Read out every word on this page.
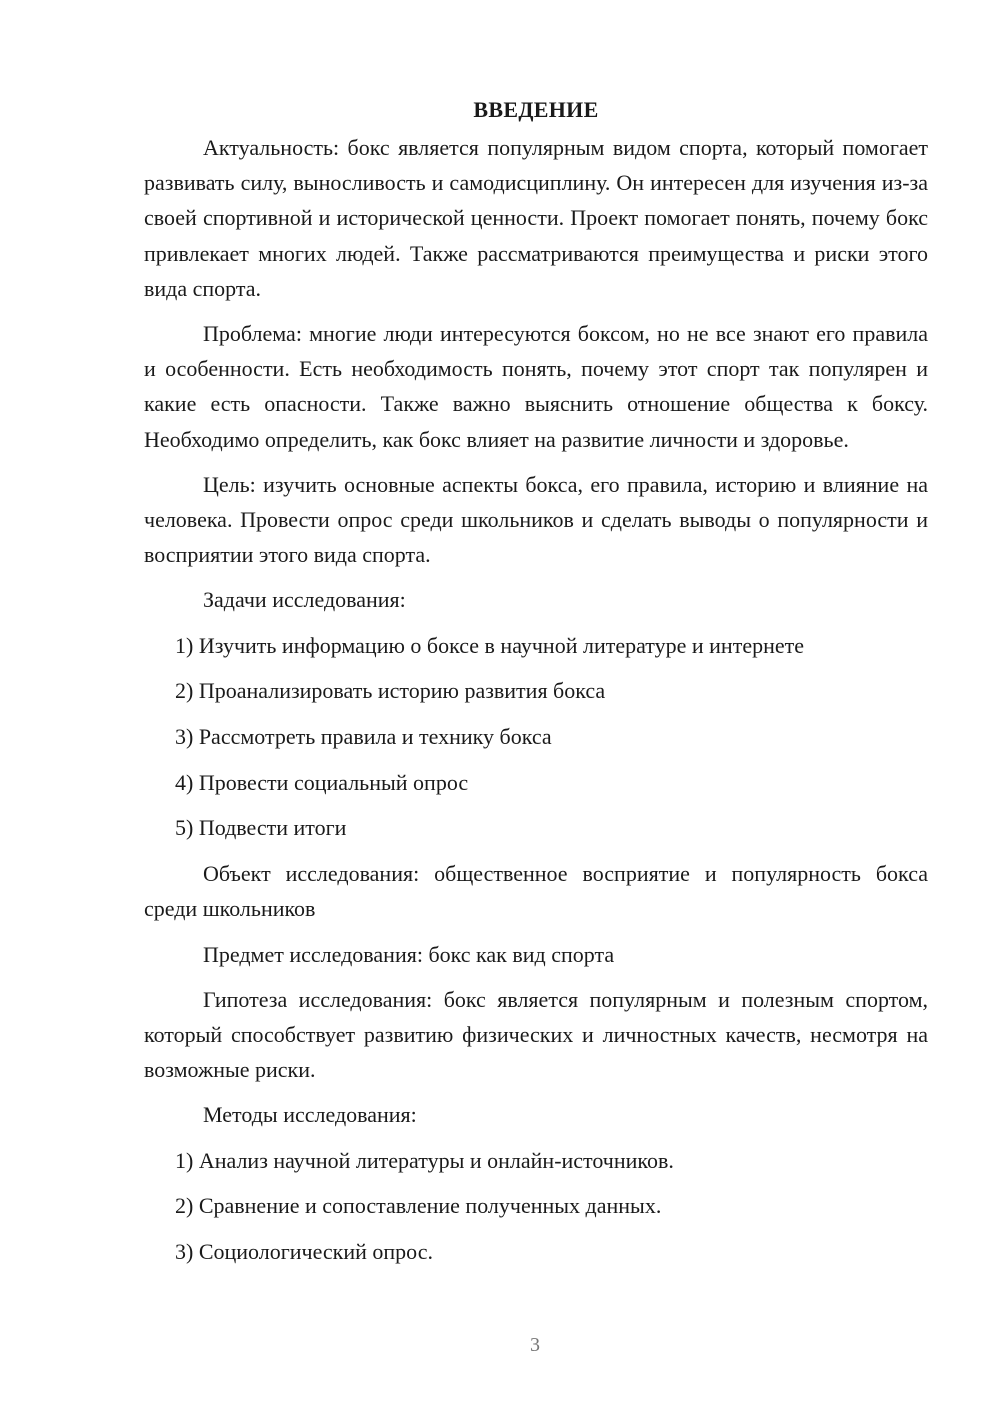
ВВЕДЕНИЕ

Актуальность: бокс является популярным видом спорта, который помогает развивать силу, выносливость и самодисциплину. Он интересен для изучения из-за своей спортивной и исторической ценности. Проект помогает понять, почему бокс привлекает многих людей. Также рассматриваются преимущества и риски этого вида спорта.

Проблема: многие люди интересуются боксом, но не все знают его правила и особенности. Есть необходимость понять, почему этот спорт так популярен и какие есть опасности. Также важно выяснить отношение общества к боксу. Необходимо определить, как бокс влияет на развитие личности и здоровье.

Цель: изучить основные аспекты бокса, его правила, историю и влияние на человека. Провести опрос среди школьников и сделать выводы о популярности и восприятии этого вида спорта.

Задачи исследования:

1) Изучить информацию о боксе в научной литературе и интернете
2) Проанализировать историю развития бокса
3) Рассмотреть правила и технику бокса
4) Провести социальный опрос
5) Подвести итоги

Объект исследования: общественное восприятие и популярность бокса среди школьников

Предмет исследования: бокс как вид спорта

Гипотеза исследования: бокс является популярным и полезным спортом, который способствует развитию физических и личностных качеств, несмотря на возможные риски.

Методы исследования:

1) Анализ научной литературы и онлайн-источников.
2) Сравнение и сопоставление полученных данных.
3) Социологический опрос.
3
